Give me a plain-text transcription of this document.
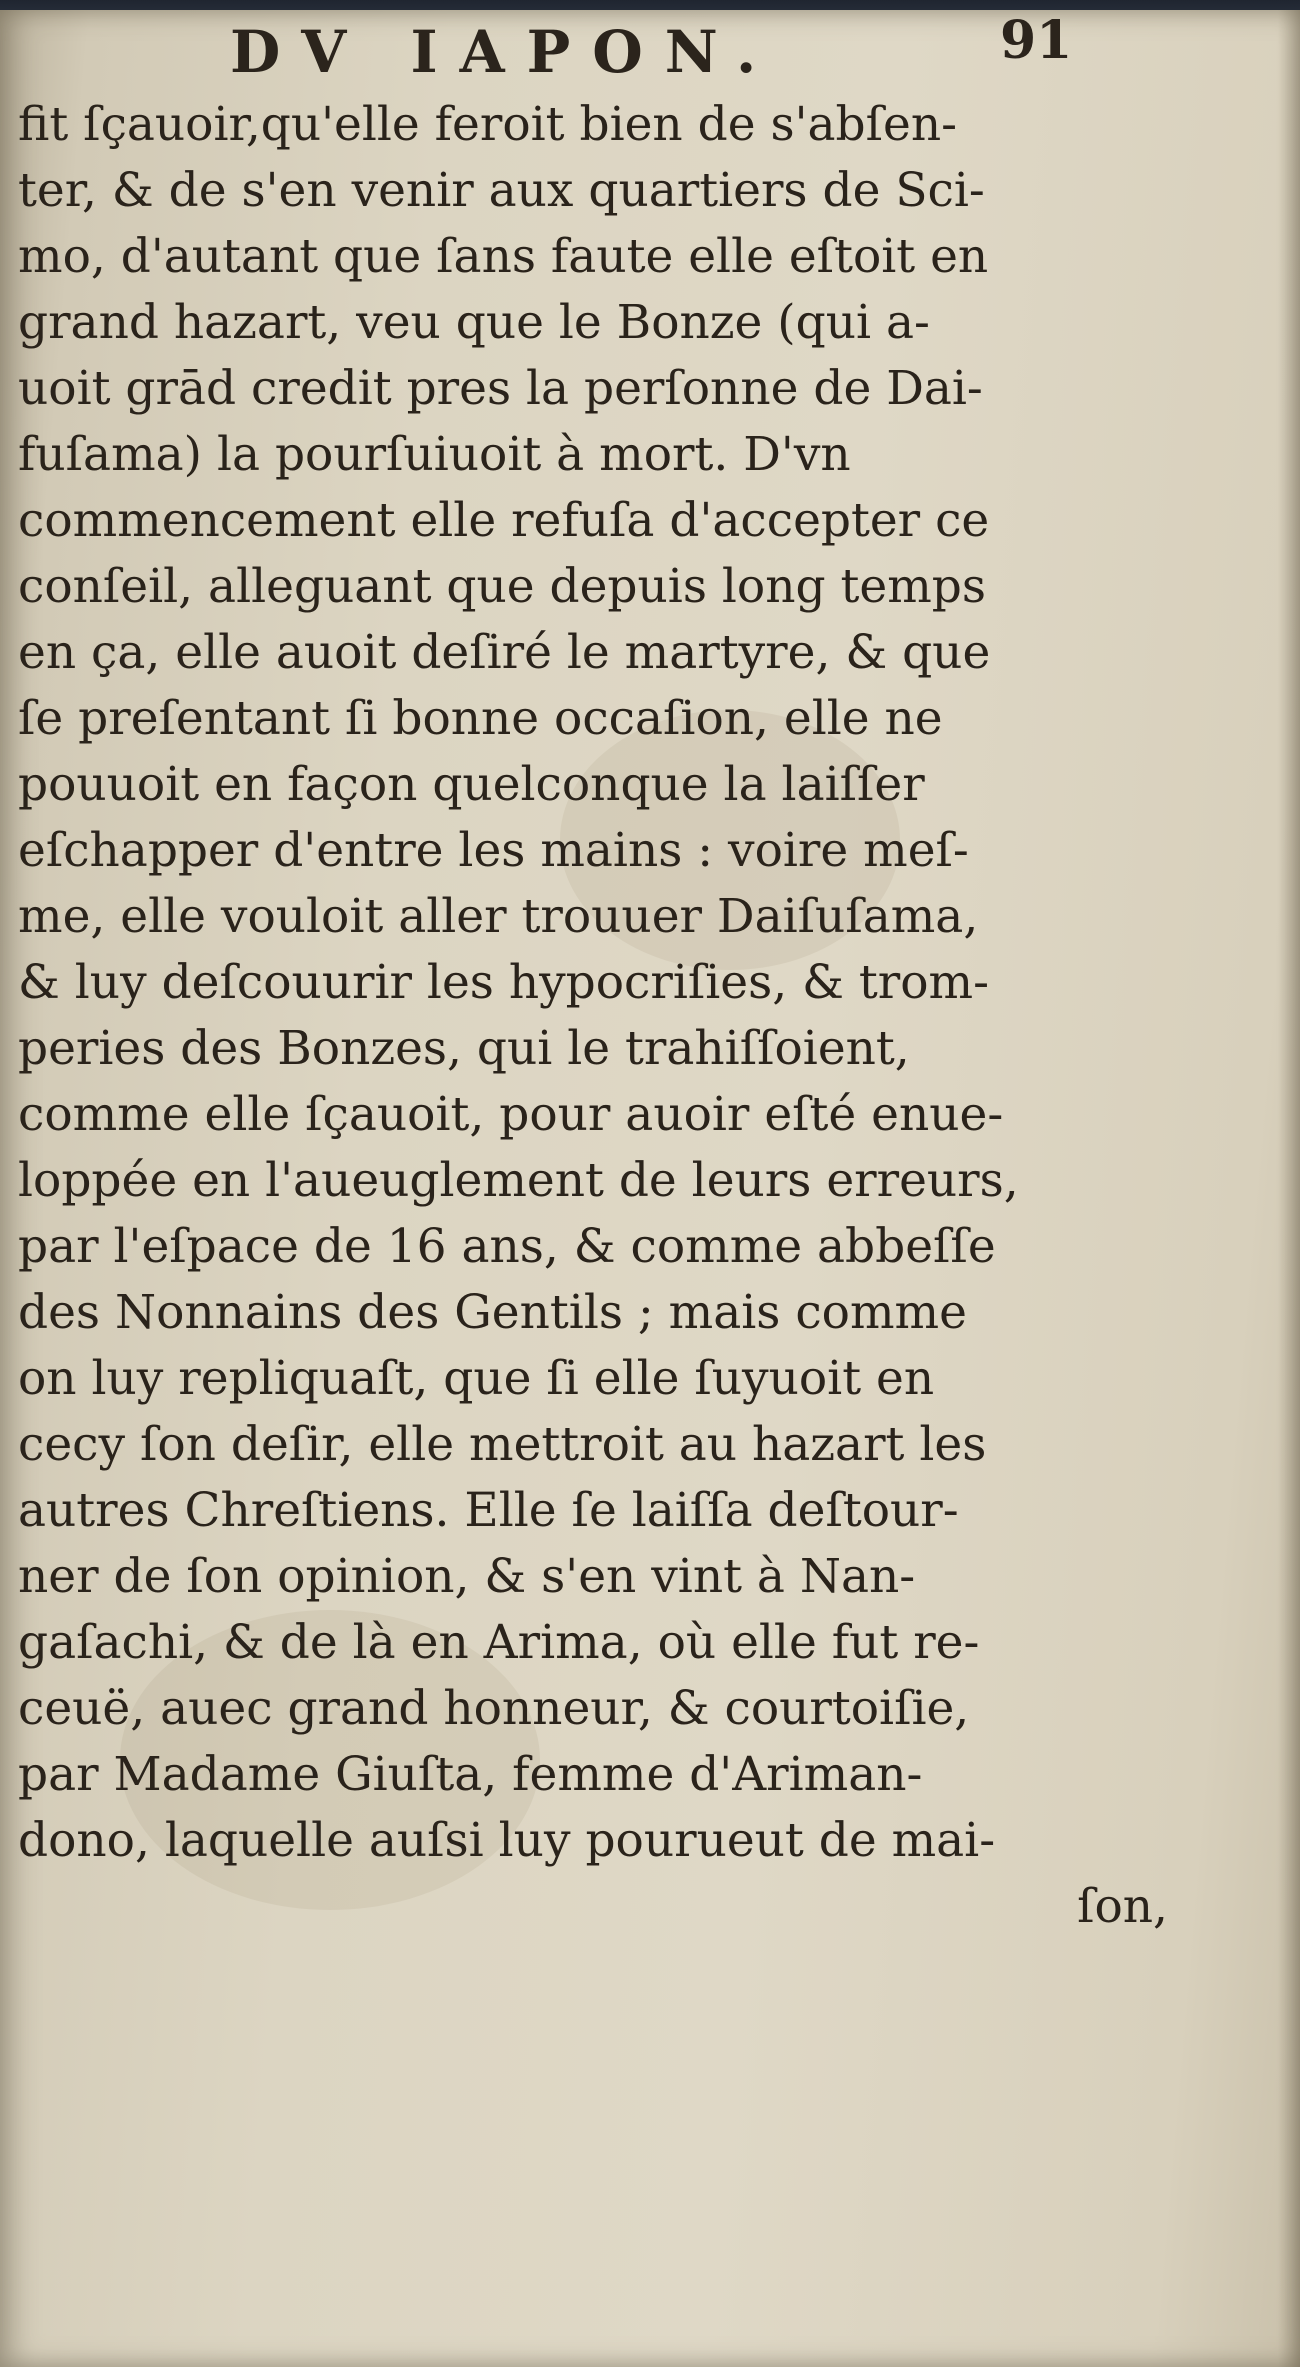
DV IAPON.	91
fit ſçauoir,qu'elle feroit bien de s'abſen-
ter, & de s'en venir aux quartiers de Sci-
mo, d'autant que ſans faute elle eſtoit en
grand hazart, veu que le Bonze (qui a-
uoit grād credit pres la perſonne de Dai-
fuſama) la pourſuiuoit à mort. D'vn
commencement elle refuſa d'accepter ce
conſeil, alleguant que depuis long temps
en ça, elle auoit deſiré le martyre, & que
ſe preſentant ſi bonne occaſion, elle ne
pouuoit en façon quelconque la laiſſer
eſchapper d'entre les mains : voire meſ-
me, elle vouloit aller trouuer Daiſuſama,
& luy deſcouurir les hypocriſies, & trom-
peries des Bonzes, qui le trahiſſoient,
comme elle ſçauoit, pour auoir eſté enue-
loppée en l'aueuglement de leurs erreurs,
par l'eſpace de 16 ans, & comme abbeſſe
des Nonnains des Gentils ; mais comme
on luy repliquaſt, que ſi elle ſuyuoit en
cecy ſon deſir, elle mettroit au hazart les
autres Chreſtiens. Elle ſe laiſſa deſtour-
ner de ſon opinion, & s'en vint à Nan-
gaſachi, & de là en Arima, où elle fut re-
ceuë, auec grand honneur, & courtoiſie,
par Madame Giuſta, femme d'Ariman-
dono, laquelle auſsi luy pourueut de mai-
ſon,
